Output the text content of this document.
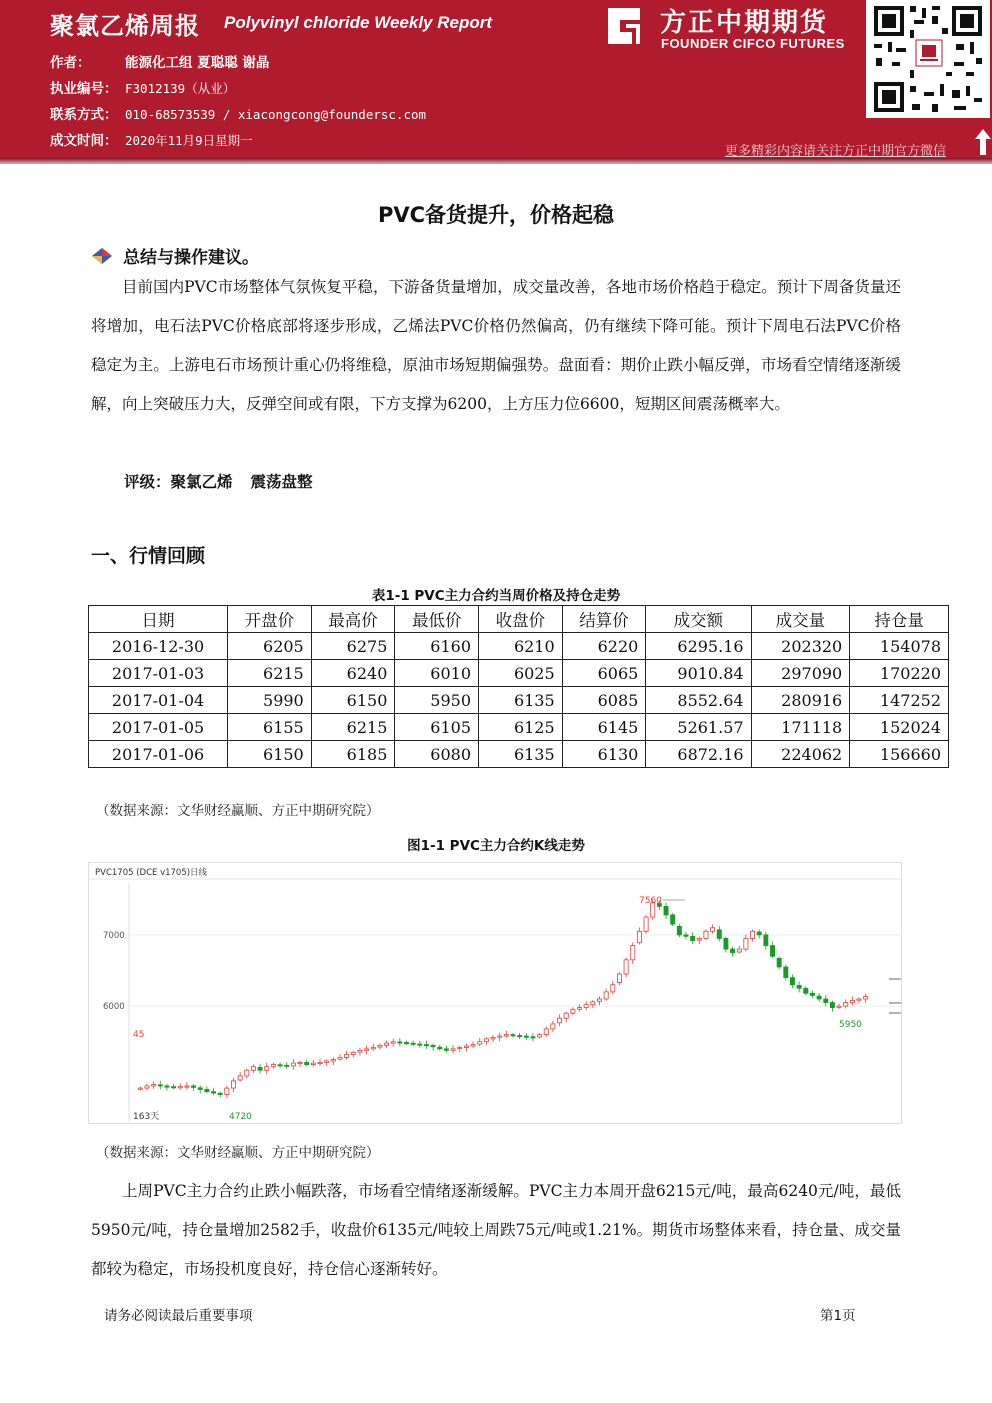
聚氯乙烯周报 Polyvinyl chloride Weekly Report
作者：	能源化工组 夏聪聪 谢晶
执业编号： F3012139（从业）
联系方式： 010-68573539 / xiacongcong@foundersc.com
成文时间： 2020年11月9日星期一
方正中期期货
FOUNDER CIFCO FUTURES
更多精彩内容请关注方正中期官方微信
PVC备货提升，价格起稳
总结与操作建议。

目前国内PVC市场整体气氛恢复平稳，下游备货量增加，成交量改善，各地市场价格趋于稳定。预计下周备货量还将增加，电石法PVC价格底部将逐步形成，乙烯法PVC价格仍然偏高，仍有继续下降可能。预计下周电石法PVC价格稳定为主。上游电石市场预计重心仍将维稳，原油市场短期偏强势。盘面看：期价止跌小幅反弹，市场看空情绪逐渐缓解，向上突破压力大，反弹空间或有限，下方支撑为6200，上方压力位6600，短期区间震荡概率大。

评级：聚氯乙烯 震荡盘整
一、行情回顾
表1-1 PVC主力合约当周价格及持仓走势
日期	开盘价	最高价	最低价	收盘价	结算价	成交额	成交量	持仓量
2016-12-30	6205	6275	6160	6210	6220	6295.16	202320	154078
2017-01-03	6215	6240	6010	6025	6065	9010.84	297090	170220
2017-01-04	5990	6150	5950	6135	6085	8552.64	280916	147252
2017-01-05	6155	6215	6105	6125	6145	5261.57	171118	152024
2017-01-06	6150	6185	6080	6135	6130	6872.16	224062	156660
（数据来源：文华财经赢顺、方正中期研究院）
图1-1 PVC主力合约K线走势
PVC1705 (DCE v1705)日线
7000
6000
7560
4720
5950
45
163天
（数据来源：文华财经赢顺、方正中期研究院）

上周PVC主力合约止跌小幅跌落，市场看空情绪逐渐缓解。PVC主力本周开盘6215元/吨，最高6240元/吨，最低5950元/吨，持仓量增加2582手，收盘价6135元/吨较上周跌75元/吨或1.21%。期货市场整体来看，持仓量、成交量都较为稳定，市场投机度良好，持仓信心逐渐转好。

请务必阅读最后重要事项	第1页
